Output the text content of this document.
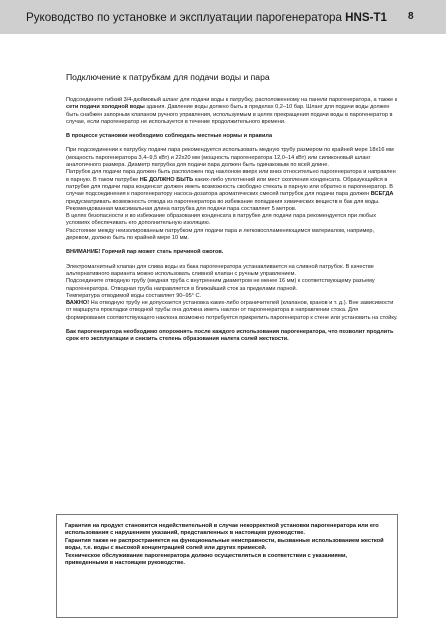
Руководство по установке и эксплуатации парогенератора HNS-T1 8
Подключение к патрубкам для подачи воды и пара

Подсоедините гибкий 3/4-дюймовый шланг для подачи воды к патрубку, расположенному на панели парогенератора, а также к сети подачи холодной воды здания. Давление воды должно быть в пределах 0,2–10 бар. Шланг для подачи воды должен быть снабжен запорным клапаном ручного управления, используемым в целях прекращения подачи воды в парогенератор в случае, если парогенератор не используется в течение продолжительного времени.

В процессе установки необходимо соблюдать местные нормы и правила

При подсоединении к патрубку подачи пара рекомендуется использовать медную трубу размером по крайней мере 18x16 мм (мощность парогенератора 3,4–9,5 кВт) и 22x20 мм (мощность парогенератора 12,0–14 кВт) или силиконовый шланг аналогичного размера. Диаметр патрубка для подачи пара должен быть одинаковым по всей длине.

Патрубок для подачи пара должен быть расположен под наклоном вверх или вниз относительно парогенератора и направлен в парную. В таком патрубке НЕ ДОЛЖНО БЫТЬ каких-либо уплотнений или мест скопления конденсата. Образующийся в патрубке для подачи пара конденсат должен иметь возможность свободно стекать в парную или обратно в парогенератор. В случае подсоединения к парогенератору насоса-дозатора ароматических смесей патрубок для подачи пара должен ВСЕГДА предусматривать возможность отвода из парогенератора во избежание попадания химических веществ в бак для воды.

Рекомендованная максимальная длина патрубка для подачи пара составляет 5 метров.

В целях безопасности и во избежание образования конденсата в патрубке для подачи пара рекомендуется при любых условиях обеспечивать его дополнительную изоляцию.

Расстояние между неизолированным патрубком для подачи пара и легковоспламеняющимся материалом, например, деревом, должно быть по крайней мере 10 мм.

ВНИМАНИЕ! Горячий пар может стать причиной ожогов.

Электромагнитный клапан для слива воды из бака парогенератора устанавливается на сливной патрубок. В качестве альтернативного варианта можно использовать сливной клапан с ручным управлением.

Подсоедините отводную трубу (медная труба с внутренним диаметром не менее 16 мм) к соответствующему разъему парогенератора. Отводная труба направляется в ближайший сток за пределами парной.

Температура отводимой воды составляет 90–95° С.

ВАЖНО! На отводную трубу не допускается установка каких-либо ограничителей (клапанов, кранов и т. д.). Вне зависимости от маршрута прокладки отводной трубы она должна иметь наклон от парогенератора в направлении стока. Для формирования соответствующего наклона возможно потребуется прикрепить парогенератор к стене или установить на стойку.

Бак парогенератора необходимо опорожнять после каждого использования парогенератора, что позволит продлить срок его эксплуатации и снизить степень образования налета солей жесткости.

Гарантия на продукт становится недействительной в случае некорректной установки парогенератора или его использования с нарушением указаний, представленных в настоящем руководстве.

Гарантия также не распространяется на функциональные неисправности, вызванные использованием жесткой воды, т.е. воды с высокой концентрацией солей или других примесей.

Техническое обслуживание парогенератора должно осуществляться в соответствии с указаниями, приведенными в настоящем руководстве.
